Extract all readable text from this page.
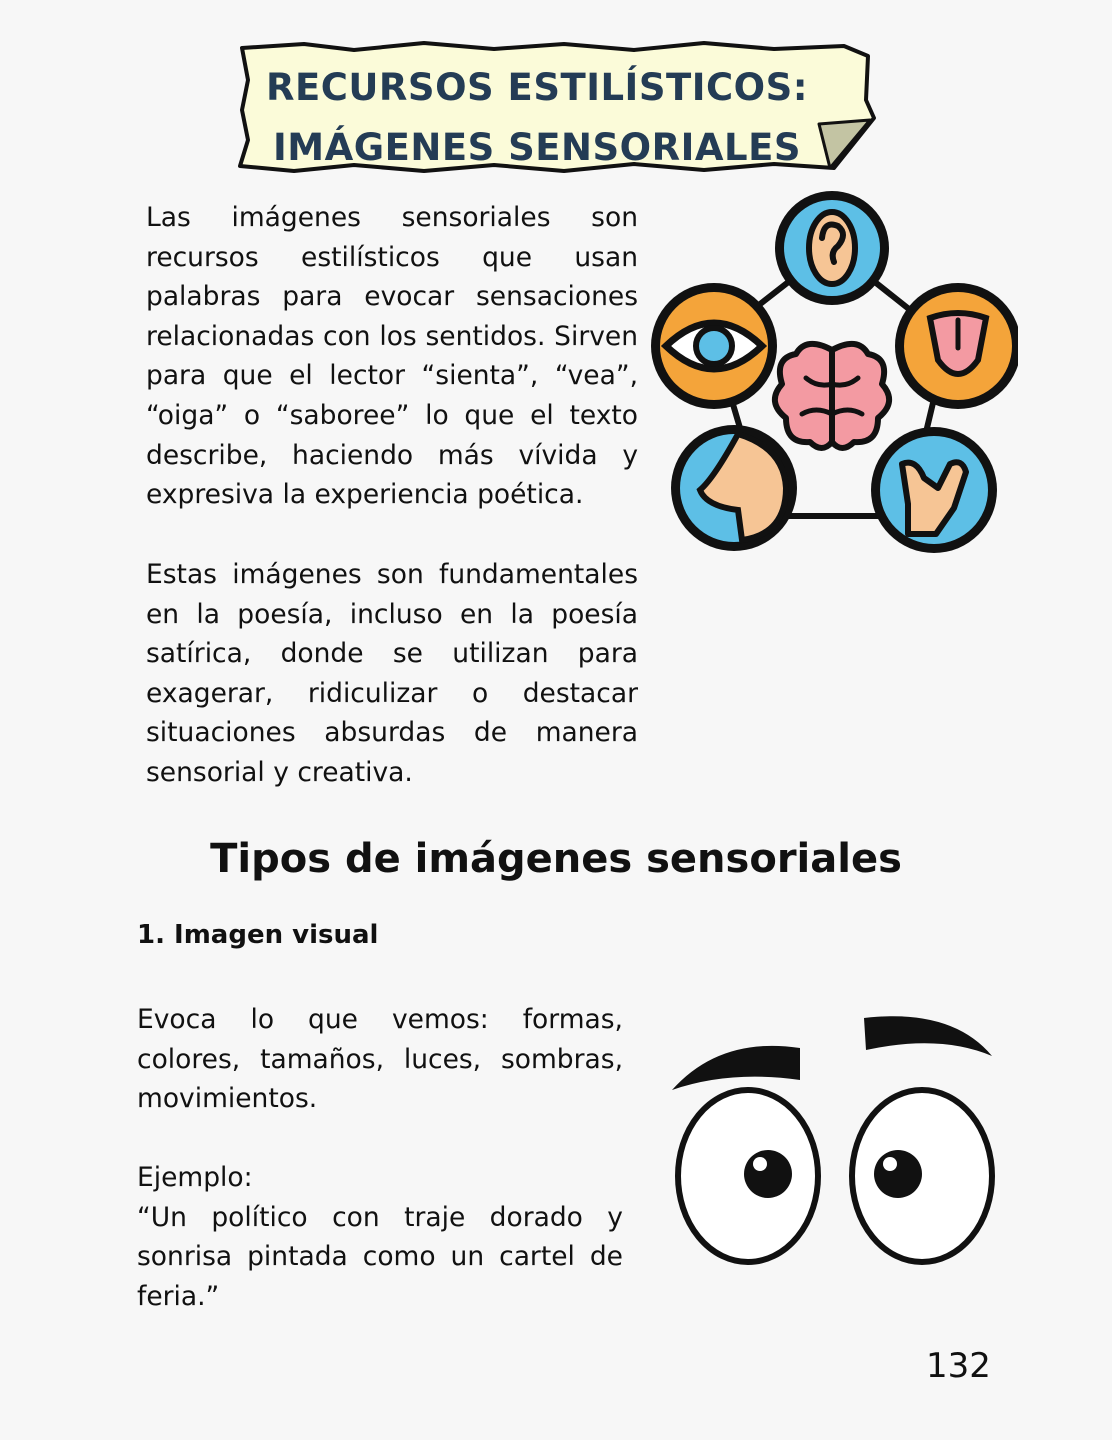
RECURSOS ESTILÍSTICOS:
IMÁGENES SENSORIALES

Las imágenes sensoriales son recursos estilísticos que usan palabras para evocar sensaciones relacionadas con los sentidos. Sirven para que el lector “sienta”, “vea”, “oiga” o “saboree” lo que el texto describe, haciendo más vívida y expresiva la experiencia poética.

Estas imágenes son fundamentales en la poesía, incluso en la poesía satírica, donde se utilizan para exagerar, ridiculizar o destacar situaciones absurdas de manera sensorial y creativa.

Tipos de imágenes sensoriales
1. Imagen visual

Evoca lo que vemos: formas, colores, tamaños, luces, sombras, movimientos.

Ejemplo:
“Un político con traje dorado y sonrisa pintada como un cartel de feria.”

132
